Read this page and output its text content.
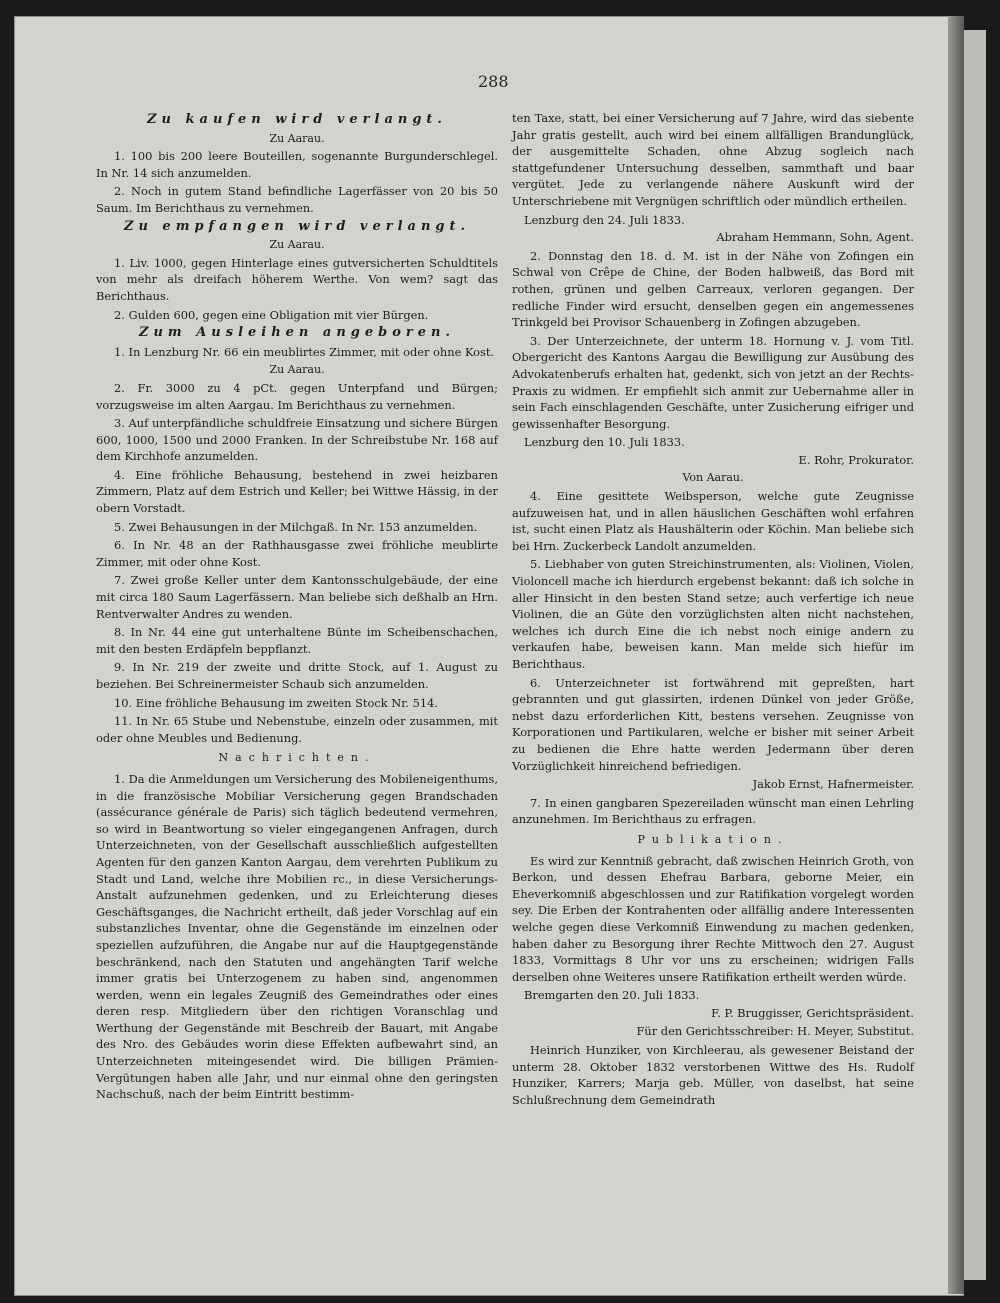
288
Zu kaufen wird verlangt.
Zu Aarau.

1. 100 bis 200 leere Bouteillen, sogenannte Burgunderschlegel. In Nr. 14 sich anzumelden.

2. Noch in gutem Stand befindliche Lagerfässer von 20 bis 50 Saum. Im Berichthaus zu vernehmen.

Zu empfangen wird verlangt.
Zu Aarau.

1. Liv. 1000, gegen Hinterlage eines gutversicherten Schuldtitels von mehr als dreifach höherem Werthe. Von wem? sagt das Berichthaus.

2. Gulden 600, gegen eine Obligation mit vier Bürgen.

Zum Ausleihen angeboren.

1. In Lenzburg Nr. 66 ein meublirtes Zimmer, mit oder ohne Kost.

Zu Aarau.

2. Fr. 3000 zu 4 pCt. gegen Unterpfand und Bürgen; vorzugsweise im alten Aargau. Im Berichthaus zu vernehmen.

3. Auf unterpfändliche schuldfreie Einsatzung und sichere Bürgen 600, 1000, 1500 und 2000 Franken. In der Schreibstube Nr. 168 auf dem Kirchhofe anzumelden.

4. Eine fröhliche Behausung, bestehend in zwei heizbaren Zimmern, Platz auf dem Estrich und Keller; bei Wittwe Hässig, in der obern Vorstadt.

5. Zwei Behausungen in der Milchgaß. In Nr. 153 anzumelden.

6. In Nr. 48 an der Rathhausgasse zwei fröhliche meublirte Zimmer, mit oder ohne Kost.

7. Zwei große Keller unter dem Kantonsschulgebäude, der eine mit circa 180 Saum Lagerfässern. Man beliebe sich deßhalb an Hrn. Rentverwalter Andres zu wenden.

8. In Nr. 44 eine gut unterhaltene Bünte im Scheibenschachen, mit den besten Erdäpfeln beppflanzt.

9. In Nr. 219 der zweite und dritte Stock, auf 1. August zu beziehen. Bei Schreinermeister Schaub sich anzumelden.

10. Eine fröhliche Behausung im zweiten Stock Nr. 514.

11. In Nr. 65 Stube und Nebenstube, einzeln oder zusammen, mit oder ohne Meubles und Bedienung.

Nachrichten.

1. Da die Anmeldungen um Versicherung des Mobileneigenthums, in die französische Mobiliar Versicherung gegen Brandschaden (assécurance générale de Paris) sich täglich bedeutend vermehren, so wird in Beantwortung so vieler eingegangenen Anfragen, durch Unterzeichneten, von der Gesellschaft ausschließlich aufgestellten Agenten für den ganzen Kanton Aargau, dem verehrten Publikum zu Stadt und Land, welche ihre Mobilien rc., in diese Versicherungs-Anstalt aufzunehmen gedenken, und zu Erleichterung dieses Geschäftsganges, die Nachricht ertheilt, daß jeder Vorschlag auf ein substanzliches Inventar, ohne die Gegenstände im einzelnen oder speziellen aufzuführen, die Angabe nur auf die Hauptgegenstände beschränkend, nach den Statuten und angehängten Tarif welche immer gratis bei Unterzogenem zu haben sind, angenommen werden, wenn ein legales Zeugniß des Gemeindrathes oder eines deren resp. Mitgliedern über den richtigen Voranschlag und Werthung der Gegenstände mit Beschreib der Bauart, mit Angabe des Nro. des Gebäudes worin diese Effekten aufbewahrt sind, an Unterzeichneten miteingesendet wird. Die billigen Prämien-Vergütungen haben alle Jahr, und nur einmal ohne den geringsten Nachschuß, nach der beim Eintritt bestimm-

ten Taxe, statt, bei einer Versicherung auf 7 Jahre, wird das siebente Jahr gratis gestellt, auch wird bei einem allfälligen Brandunglück, der ausgemittelte Schaden, ohne Abzug sogleich nach stattgefundener Untersuchung desselben, sammthaft und baar vergütet. Jede zu verlangende nähere Auskunft wird der Unterschriebene mit Vergnügen schriftlich oder mündlich ertheilen.

Lenzburg den 24. Juli 1833.
Abraham Hemmann, Sohn, Agent.

2. Donnstag den 18. d. M. ist in der Nähe von Zofingen ein Schwal von Crêpe de Chine, der Boden halbweiß, das Bord mit rothen, grünen und gelben Carreaux, verloren gegangen. Der redliche Finder wird ersucht, denselben gegen ein angemessenes Trinkgeld bei Provisor Schauenberg in Zofingen abzugeben.

3. Der Unterzeichnete, der unterm 18. Hornung v. J. vom Titl. Obergericht des Kantons Aargau die Bewilligung zur Ausübung des Advokatenberufs erhalten hat, gedenkt, sich von jetzt an der Rechts-Praxis zu widmen. Er empfiehlt sich anmit zur Uebernahme aller in sein Fach einschlagenden Geschäfte, unter Zusicherung eifriger und gewissenhafter Besorgung.

Lenzburg den 10. Juli 1833.
E. Rohr, Prokurator.
Von Aarau.

4. Eine gesittete Weibsperson, welche gute Zeugnisse aufzuweisen hat, und in allen häuslichen Geschäften wohl erfahren ist, sucht einen Platz als Haushälterin oder Köchin. Man beliebe sich bei Hrn. Zuckerbeck Landolt anzumelden.

5. Liebhaber von guten Streichinstrumenten, als: Violinen, Violen, Violoncell mache ich hierdurch ergebenst bekannt: daß ich solche in aller Hinsicht in den besten Stand setze; auch verfertige ich neue Violinen, die an Güte den vorzüglichsten alten nicht nachstehen, welches ich durch Eine die ich nebst noch einige andern zu verkaufen habe, beweisen kann. Man melde sich hiefür im Berichthaus.

6. Unterzeichneter ist fortwährend mit gepreßten, hart gebrannten und gut glassirten, irdenen Dünkel von jeder Größe, nebst dazu erforderlichen Kitt, bestens versehen. Zeugnisse von Korporationen und Partikularen, welche er bisher mit seiner Arbeit zu bedienen die Ehre hatte werden Jedermann über deren Vorzüglichkeit hinreichend befriedigen.

Jakob Ernst, Hafnermeister.

7. In einen gangbaren Spezereiladen wünscht man einen Lehrling anzunehmen. Im Berichthaus zu erfragen.

Publikation.

Es wird zur Kenntniß gebracht, daß zwischen Heinrich Groth, von Berkon, und dessen Ehefrau Barbara, geborne Meier, ein Eheverkomniß abgeschlossen und zur Ratifikation vorgelegt worden sey. Die Erben der Kontrahenten oder allfällig andere Interessenten welche gegen diese Verkomniß Einwendung zu machen gedenken, haben daher zu Besorgung ihrer Rechte Mittwoch den 27. August 1833, Vormittags 8 Uhr vor uns zu erscheinen; widrigen Falls derselben ohne Weiteres unsere Ratifikation ertheilt werden würde.

Bremgarten den 20. Juli 1833.
F. P. Bruggisser, Gerichtspräsident.
Für den Gerichtsschreiber: H. Meyer, Substitut.

Heinrich Hunziker, von Kirchleerau, als gewesener Beistand der unterm 28. Oktober 1832 verstorbenen Wittwe des Hs. Rudolf Hunziker, Karrers; Marja geb. Müller, von daselbst, hat seine Schlußrechnung dem Gemeindrath
